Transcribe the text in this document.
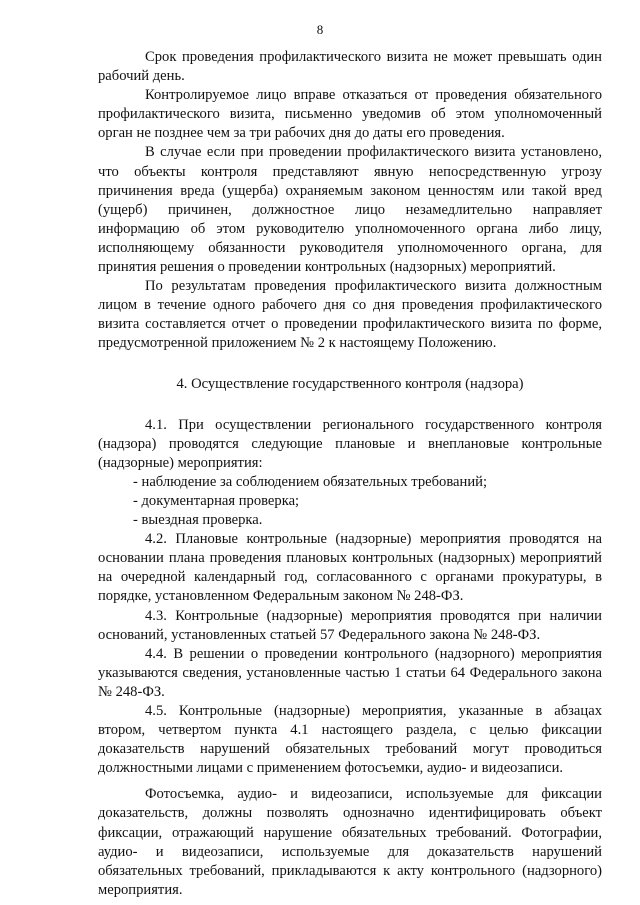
8

Срок проведения профилактического визита не может превышать один рабочий день.

Контролируемое лицо вправе отказаться от проведения обязательного профилактического визита, письменно уведомив об этом уполномоченный орган не позднее чем за три рабочих дня до даты его проведения.

В случае если при проведении профилактического визита установлено, что объекты контроля представляют явную непосредственную угрозу причинения вреда (ущерба) охраняемым законом ценностям или такой вред (ущерб) причинен, должностное лицо незамедлительно направляет информацию об этом руководителю уполномоченного органа либо лицу, исполняющему обязанности руководителя уполномоченного органа, для принятия решения о проведении контрольных (надзорных) мероприятий.

По результатам проведения профилактического визита должностным лицом в течение одного рабочего дня со дня проведения профилактического визита составляется отчет о проведении профилактического визита по форме, предусмотренной приложением № 2 к настоящему Положению.

4. Осуществление государственного контроля (надзора)

4.1. При осуществлении регионального государственного контроля (надзора) проводятся следующие плановые и внеплановые контрольные (надзорные) мероприятия:

- наблюдение за соблюдением обязательных требований;

- документарная проверка;

- выездная проверка.

4.2. Плановые контрольные (надзорные) мероприятия проводятся на основании плана проведения плановых контрольных (надзорных) мероприятий на очередной календарный год, согласованного с органами прокуратуры, в порядке, установленном Федеральным законом № 248-ФЗ.

4.3. Контрольные (надзорные) мероприятия проводятся при наличии оснований, установленных статьей 57 Федерального закона № 248-ФЗ.

4.4. В решении о проведении контрольного (надзорного) мероприятия указываются сведения, установленные частью 1 статьи 64 Федерального закона № 248-ФЗ.

4.5. Контрольные (надзорные) мероприятия, указанные в абзацах втором, четвертом пункта 4.1 настоящего раздела, с целью фиксации доказательств нарушений обязательных требований могут проводиться должностными лицами с применением фотосъемки, аудио- и видеозаписи.

Фотосъемка, аудио- и видеозаписи, используемые для фиксации доказательств, должны позволять однозначно идентифицировать объект фиксации, отражающий нарушение обязательных требований. Фотографии, аудио- и видеозаписи, используемые для доказательств нарушений обязательных требований, прикладываются к акту контрольного (надзорного) мероприятия.
